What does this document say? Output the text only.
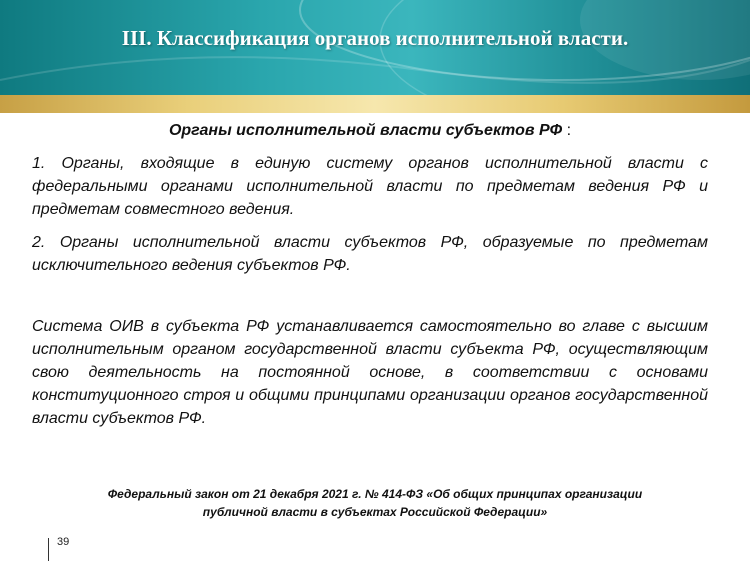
III. Классификация органов исполнительной власти.
Органы исполнительной власти субъектов РФ :

1. Органы, входящие в единую систему органов исполнительной власти с федеральными органами исполнительной власти по предметам ведения РФ и предметам совместного ведения.

2. Органы исполнительной власти субъектов РФ, образуемые по предметам исключительного ведения субъектов РФ.

Система ОИВ в субъекта РФ устанавливается самостоятельно во главе с высшим исполнительным органом государственной власти субъекта РФ, осуществляющим свою деятельность на постоянной основе, в соответствии с основами конституционного строя и общими принципами организации органов государственной власти субъектов РФ.

Федеральный закон от 21 декабря 2021 г. № 414-ФЗ «Об общих принципах организации
публичной власти в субъектах Российской Федерации»
39
